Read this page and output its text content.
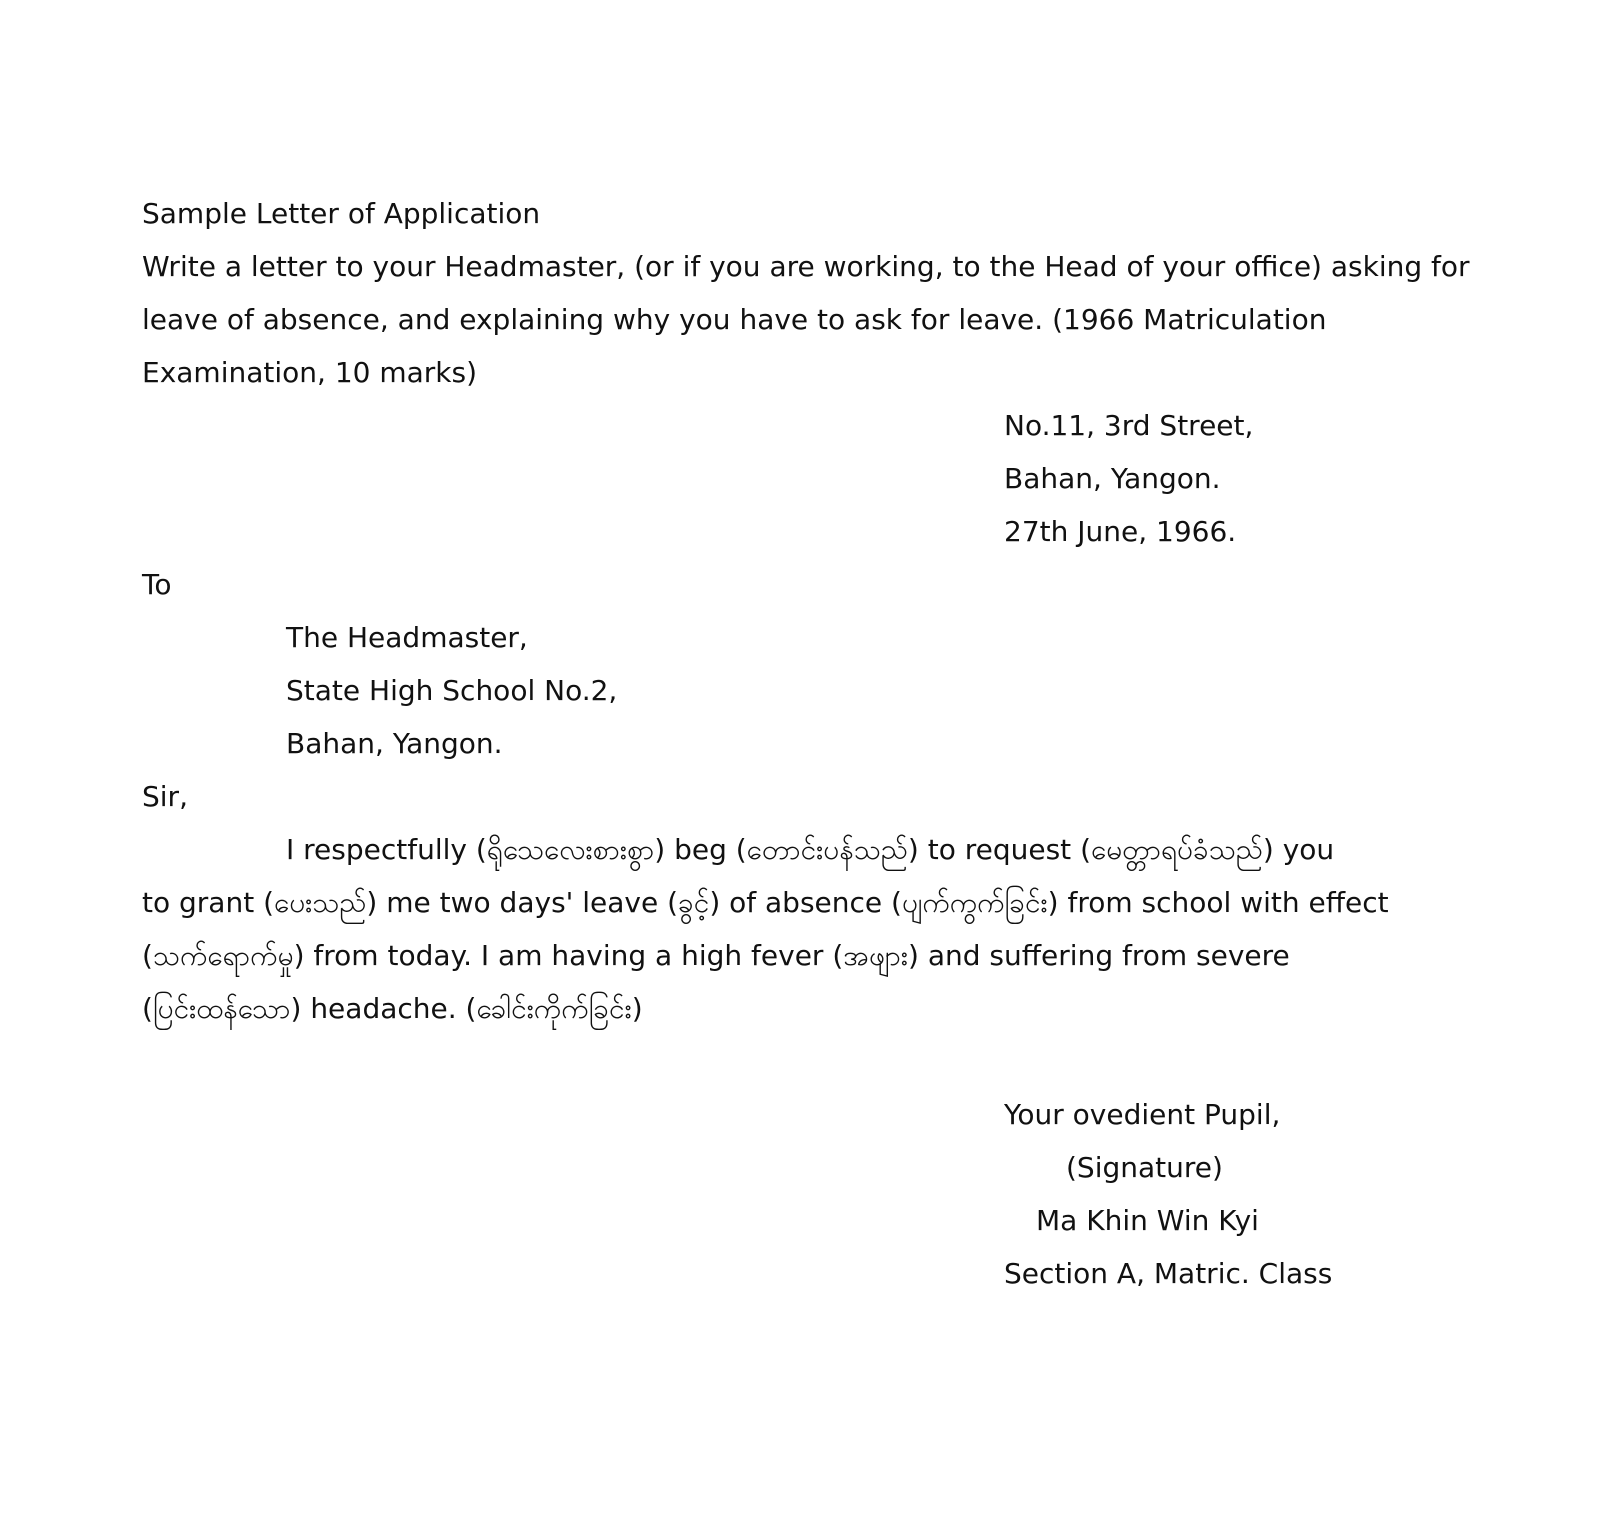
Sample Letter of Application
Write a letter to your Headmaster, (or if you are working, to the Head of your office) asking for
leave of absence, and explaining why you have to ask for leave. (1966 Matriculation
Examination, 10 marks)
No.11, 3rd Street,
Bahan, Yangon.
27th June, 1966.
To
The Headmaster,
State High School No.2,
Bahan, Yangon.
Sir,
I respectfully (ရိုသေလေးစားစွာ) beg (တောင်းပန်သည်) to request (မေတ္တာရပ်ခံသည်) you
to grant (ပေးသည်) me two days' leave (ခွင့်) of absence (ပျက်ကွက်ခြင်း) from school with effect
(သက်ရောက်မှု) from today. I am having a high fever (အဖျား) and suffering from severe
(ပြင်းထန်သော) headache. (ခေါင်းကိုက်ခြင်း)
Your ovedient Pupil,
(Signature)
Ma Khin Win Kyi
Section A, Matric. Class
